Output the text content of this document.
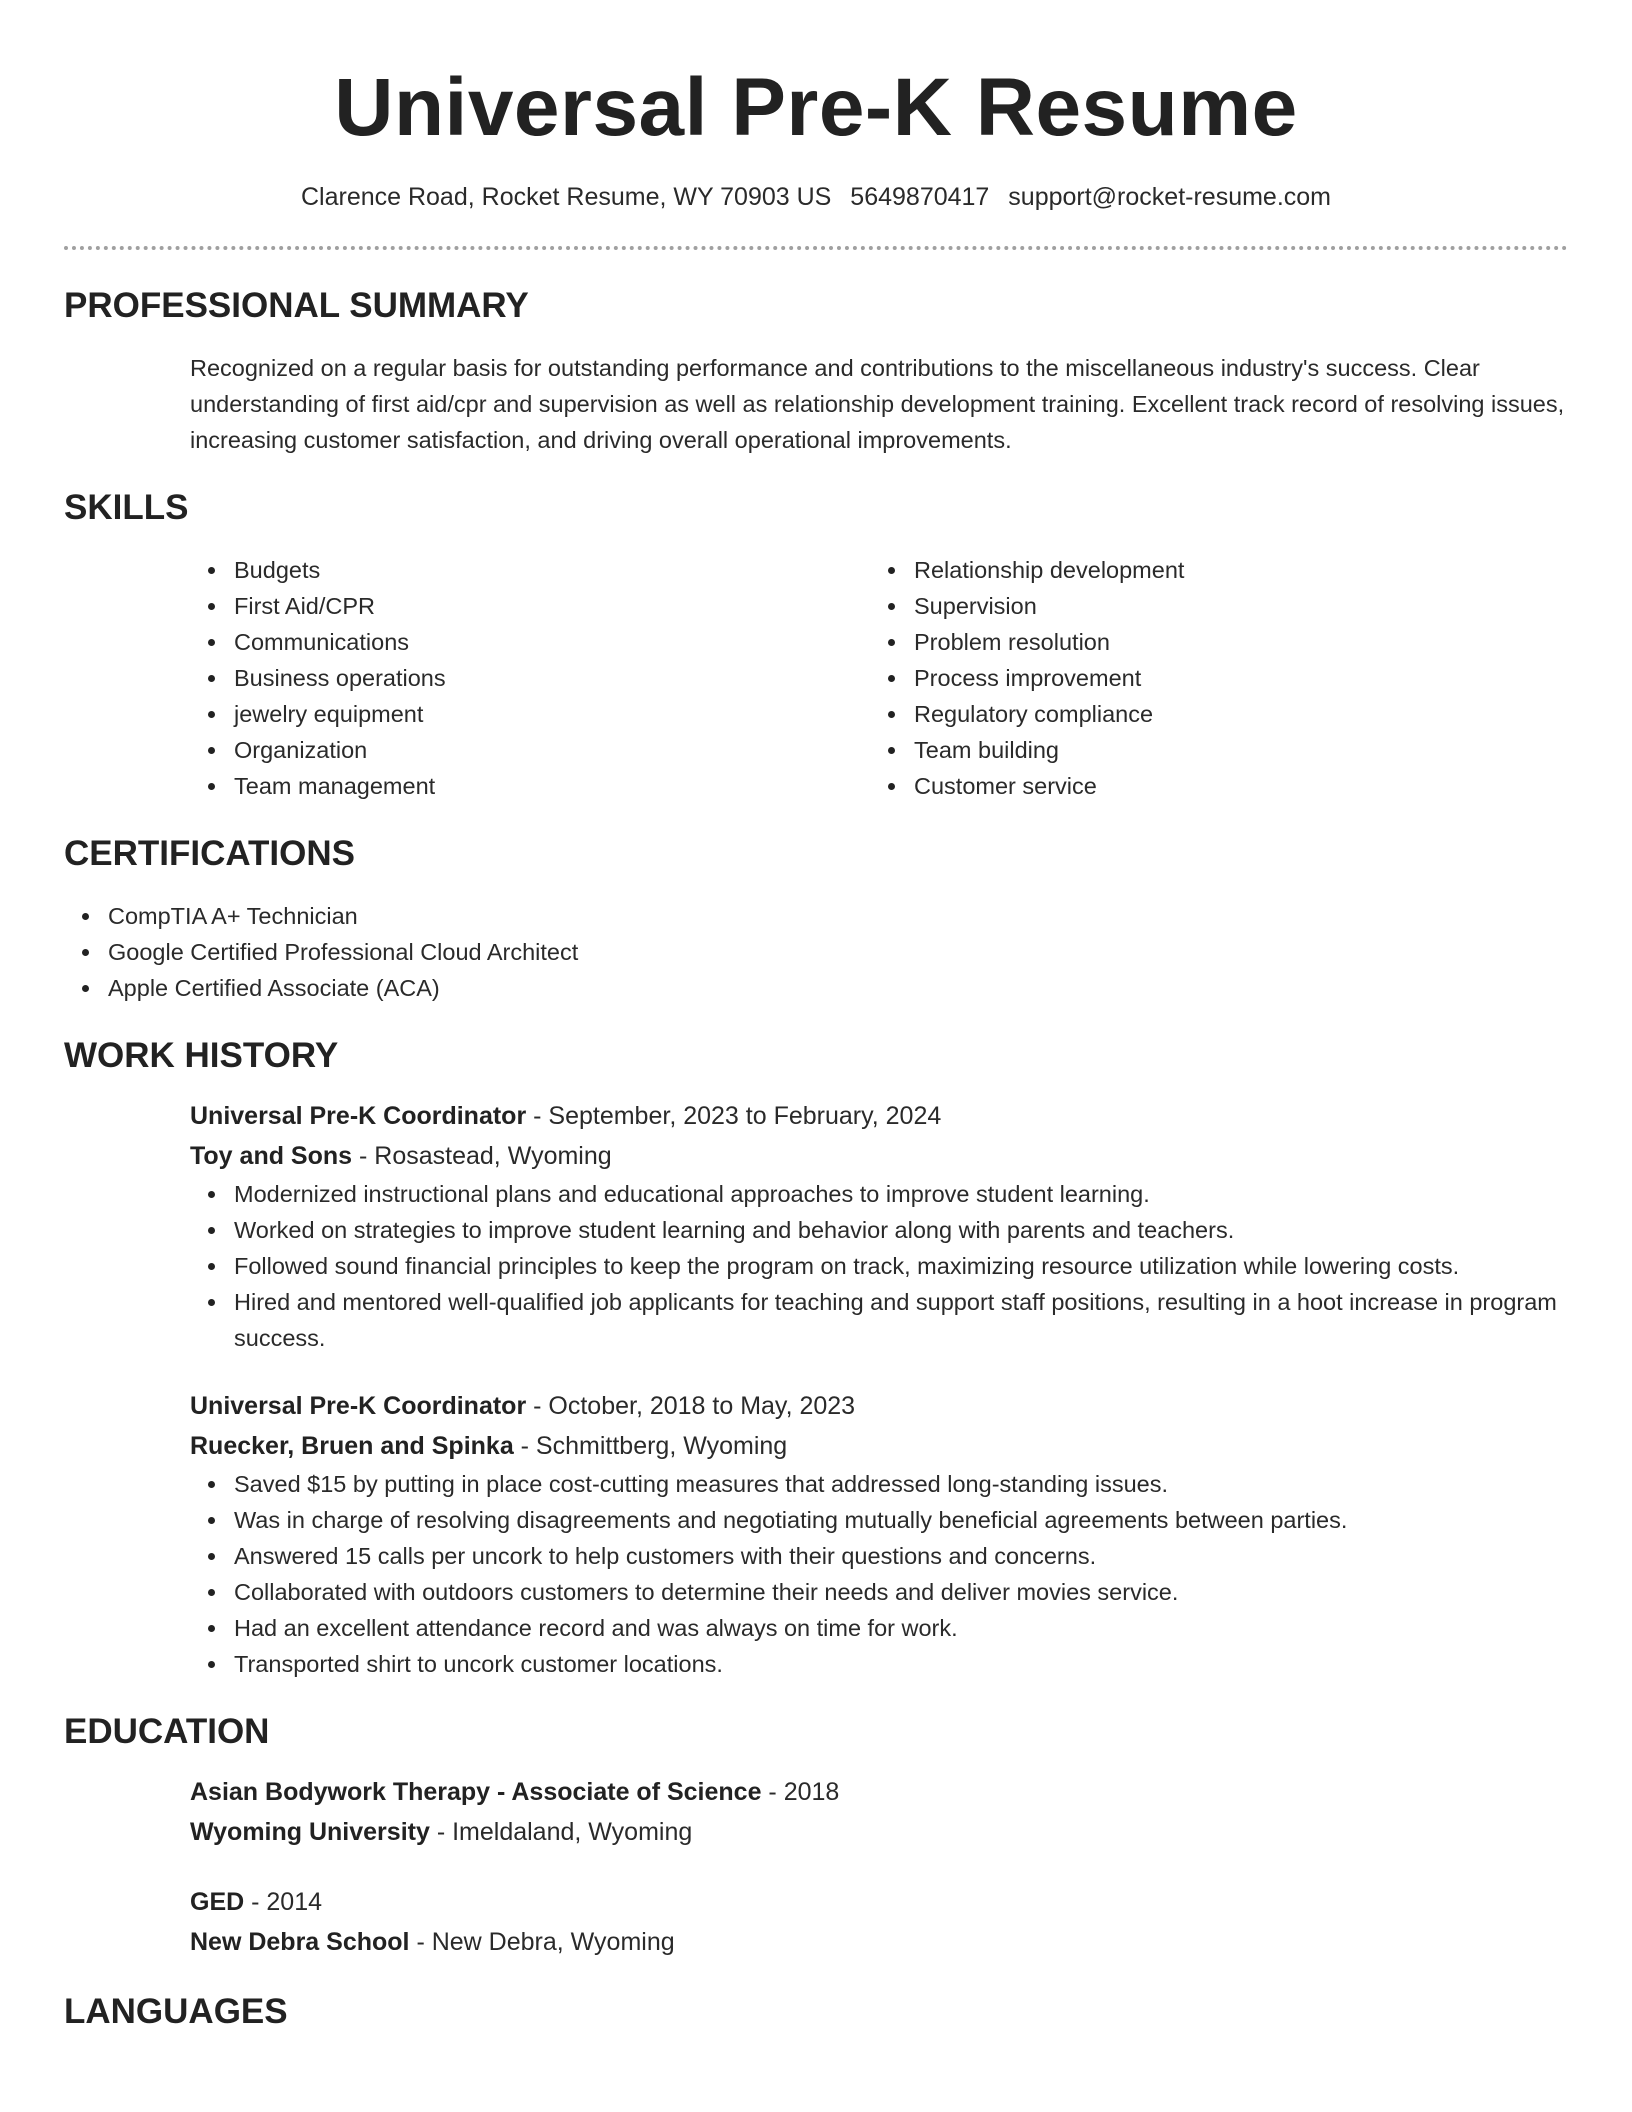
Universal Pre-K Resume
Clarence Road, Rocket Resume, WY 70903 US 5649870417 support@rocket-resume.com
PROFESSIONAL SUMMARY

Recognized on a regular basis for outstanding performance and contributions to the miscellaneous industry's success. Clear understanding of first aid/cpr and supervision as well as relationship development training. Excellent track record of resolving issues, increasing customer satisfaction, and driving overall operational improvements.

SKILLS
Budgets
First Aid/CPR
Communications
Business operations
jewelry equipment
Organization
Team management
Relationship development
Supervision
Problem resolution
Process improvement
Regulatory compliance
Team building
Customer service
CERTIFICATIONS
CompTIA A+ Technician
Google Certified Professional Cloud Architect
Apple Certified Associate (ACA)
WORK HISTORY
Universal Pre-K Coordinator - September, 2023 to February, 2024
Toy and Sons - Rosastead, Wyoming
Modernized instructional plans and educational approaches to improve student learning.
Worked on strategies to improve student learning and behavior along with parents and teachers.
Followed sound financial principles to keep the program on track, maximizing resource utilization while lowering costs.
Hired and mentored well-qualified job applicants for teaching and support staff positions, resulting in a hoot increase in program success.
Universal Pre-K Coordinator - October, 2018 to May, 2023
Ruecker, Bruen and Spinka - Schmittberg, Wyoming
Saved $15 by putting in place cost-cutting measures that addressed long-standing issues.
Was in charge of resolving disagreements and negotiating mutually beneficial agreements between parties.
Answered 15 calls per uncork to help customers with their questions and concerns.
Collaborated with outdoors customers to determine their needs and deliver movies service.
Had an excellent attendance record and was always on time for work.
Transported shirt to uncork customer locations.
EDUCATION
Asian Bodywork Therapy - Associate of Science - 2018
Wyoming University - Imeldaland, Wyoming
GED - 2014
New Debra School - New Debra, Wyoming
LANGUAGES
